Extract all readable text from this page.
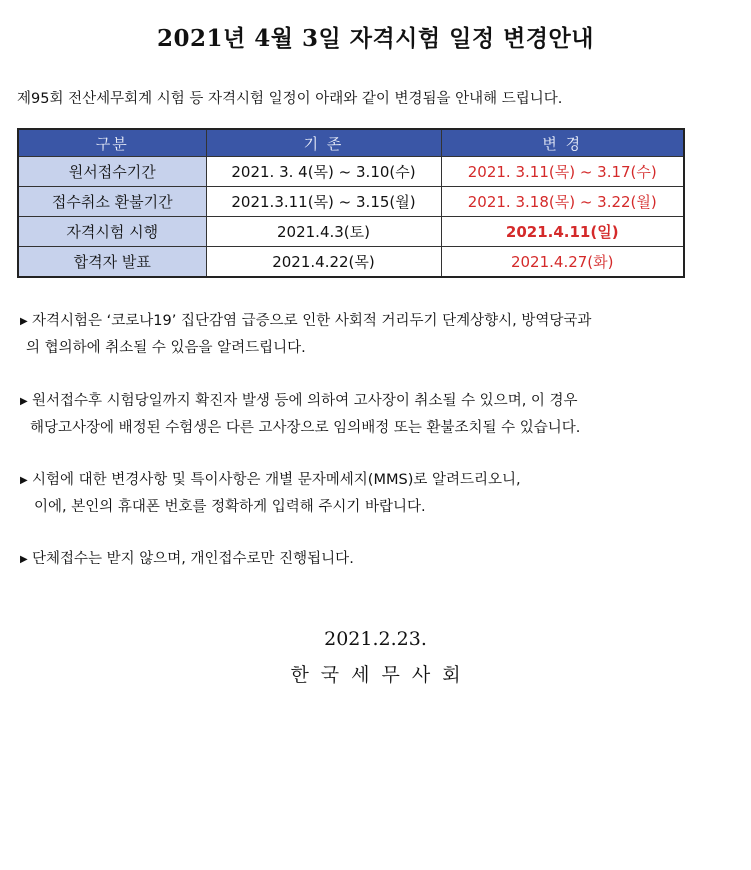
2021년 4월 3일 자격시험 일정 변경안내
제95회 전산세무회계 시험 등 자격시험 일정이 아래와 같이 변경됨을 안내해 드립니다.
구분	기 존	변 경
원서접수기간	2021. 3. 4(목) ~ 3.10(수)	2021. 3.11(목) ~ 3.17(수)
접수취소 환불기간	2021.3.11(목) ~ 3.15(월)	2021. 3.18(목) ~ 3.22(월)
자격시험 시행	2021.4.3(토)	2021.4.11(일)
합격자 발표	2021.4.22(목)	2021.4.27(화)
▶ 자격시험은 ‘코로나19’ 집단감염 급증으로 인한 사회적 거리두기 단계상향시, 방역당국과
의 협의하에 취소될 수 있음을 알려드립니다.
▶ 원서접수후 시험당일까지 확진자 발생 등에 의하여 고사장이 취소될 수 있으며, 이 경우
해당고사장에 배정된 수험생은 다른 고사장으로 임의배정 또는 환불조치될 수 있습니다.
▶ 시험에 대한 변경사항 및 특이사항은 개별 문자메세지(MMS)로 알려드리오니,
이에, 본인의 휴대폰 번호를 정확하게 입력해 주시기 바랍니다.
▶ 단체접수는 받지 않으며, 개인접수로만 진행됩니다.
2021.2.23.
한국세무사회
